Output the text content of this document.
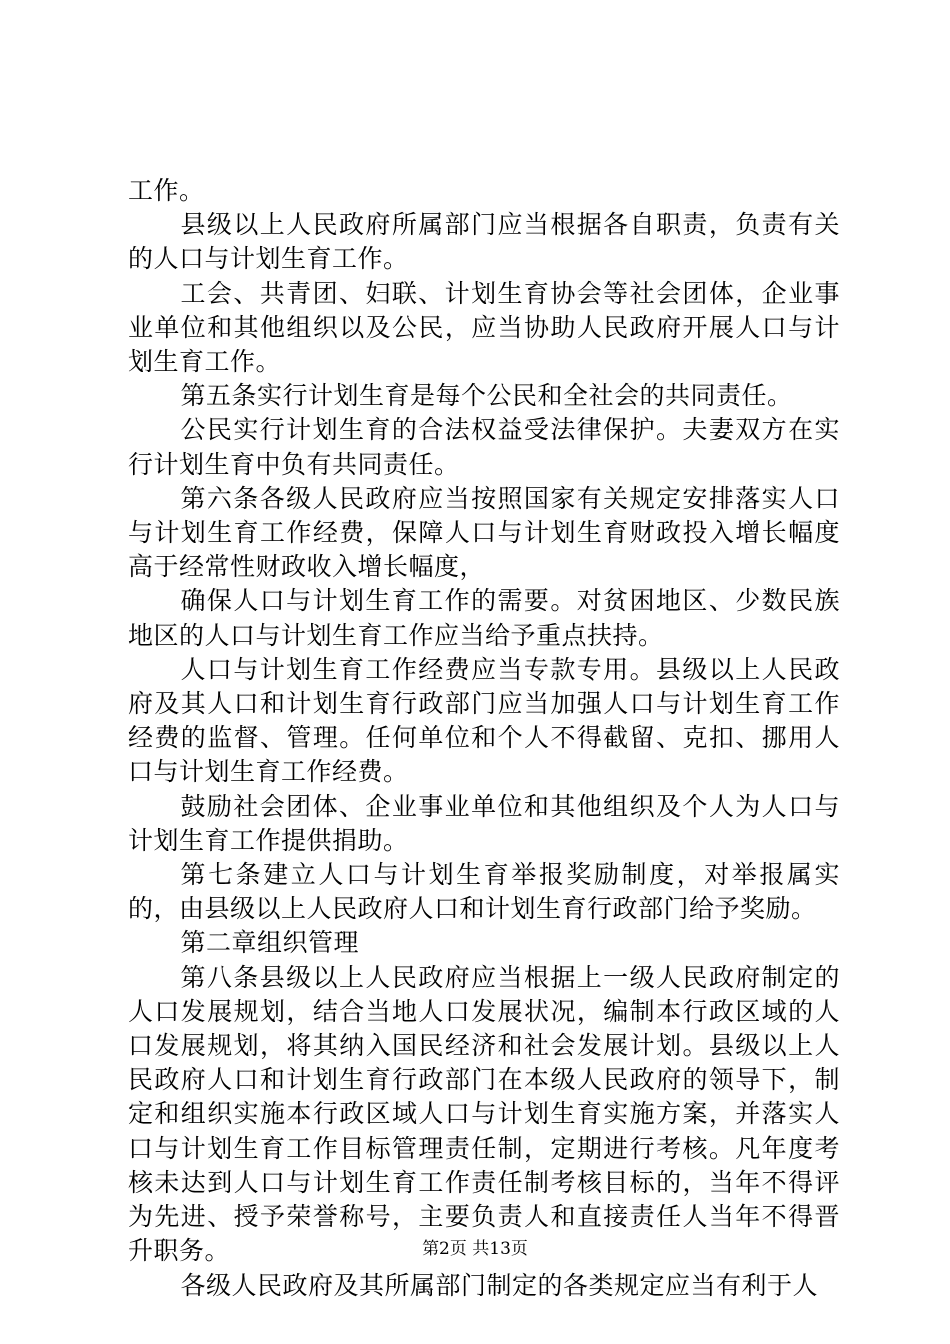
工作。

县级以上人民政府所属部门应当根据各自职责，负责有关的人口与计划生育工作。

工会、共青团、妇联、计划生育协会等社会团体，企业事业单位和其他组织以及公民，应当协助人民政府开展人口与计划生育工作。

第五条实行计划生育是每个公民和全社会的共同责任。

公民实行计划生育的合法权益受法律保护。夫妻双方在实行计划生育中负有共同责任。

第六条各级人民政府应当按照国家有关规定安排落实人口与计划生育工作经费，保障人口与计划生育财政投入增长幅度高于经常性财政收入增长幅度，

确保人口与计划生育工作的需要。对贫困地区、少数民族地区的人口与计划生育工作应当给予重点扶持。

人口与计划生育工作经费应当专款专用。县级以上人民政府及其人口和计划生育行政部门应当加强人口与计划生育工作经费的监督、管理。任何单位和个人不得截留、克扣、挪用人口与计划生育工作经费。

鼓励社会团体、企业事业单位和其他组织及个人为人口与计划生育工作提供捐助。

第七条建立人口与计划生育举报奖励制度，对举报属实的，由县级以上人民政府人口和计划生育行政部门给予奖励。

第二章组织管理

第八条县级以上人民政府应当根据上一级人民政府制定的人口发展规划，结合当地人口发展状况，编制本行政区域的人口发展规划，将其纳入国民经济和社会发展计划。县级以上人民政府人口和计划生育行政部门在本级人民政府的领导下，制定和组织实施本行政区域人口与计划生育实施方案，并落实人口与计划生育工作目标管理责任制，定期进行考核。凡年度考核未达到人口与计划生育工作责任制考核目标的，当年不得评为先进、授予荣誉称号，主要负责人和直接责任人当年不得晋升职务。

各级人民政府及其所属部门制定的各类规定应当有利于人

第2页 共13页
